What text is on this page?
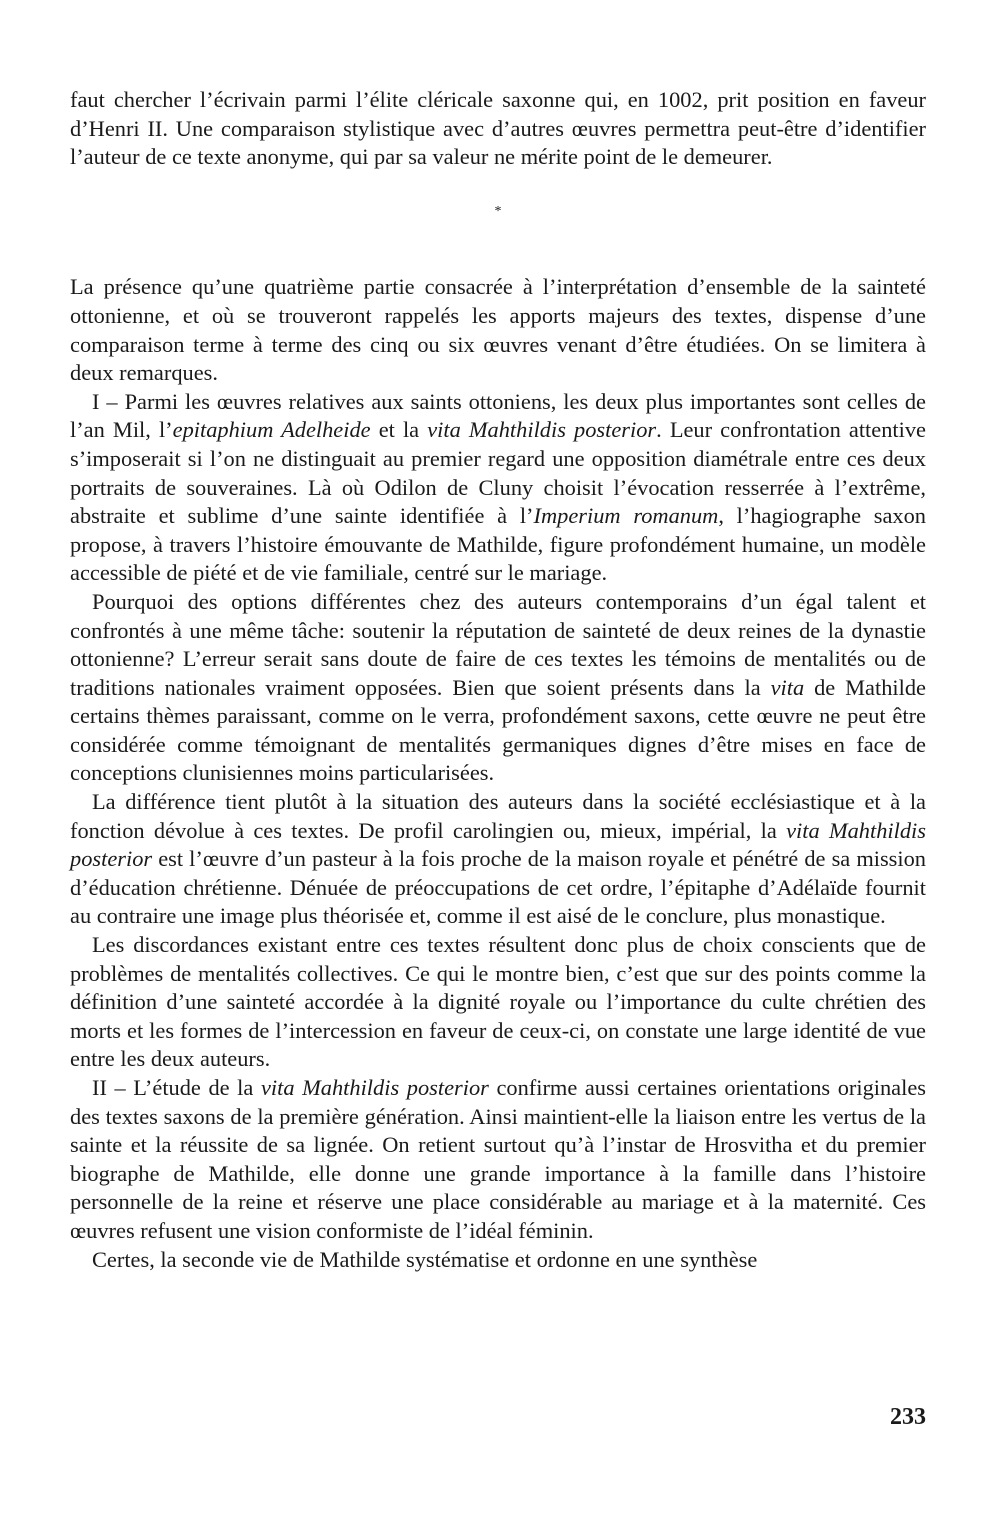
faut chercher l’écrivain parmi l’élite cléricale saxonne qui, en 1002, prit position en faveur d’Henri II. Une comparaison stylistique avec d’autres œuvres permettra peut-être d’identifier l’auteur de ce texte anonyme, qui par sa valeur ne mérite point de le demeurer.

*

La présence qu’une quatrième partie consacrée à l’interprétation d’ensemble de la sainteté ottonienne, et où se trouveront rappelés les apports majeurs des textes, dispense d’une comparaison terme à terme des cinq ou six œuvres venant d’être étudiées. On se limitera à deux remarques.

I – Parmi les œuvres relatives aux saints ottoniens, les deux plus importantes sont celles de l’an Mil, l’epitaphium Adelheide et la vita Mahthildis posterior. Leur confrontation attentive s’imposerait si l’on ne distinguait au premier regard une opposition diamétrale entre ces deux portraits de souveraines. Là où Odilon de Cluny choisit l’évocation resserrée à l’extrême, abstraite et sublime d’une sainte identifiée à l’Imperium romanum, l’hagiographe saxon propose, à travers l’histoire émouvante de Mathilde, figure profondément humaine, un modèle accessible de piété et de vie familiale, centré sur le mariage.

Pourquoi des options différentes chez des auteurs contemporains d’un égal talent et confrontés à une même tâche: soutenir la réputation de sainteté de deux reines de la dynastie ottonienne? L’erreur serait sans doute de faire de ces textes les témoins de mentalités ou de traditions nationales vraiment opposées. Bien que soient présents dans la vita de Mathilde certains thèmes paraissant, comme on le verra, profondément saxons, cette œuvre ne peut être considérée comme témoignant de mentalités germaniques dignes d’être mises en face de conceptions clunisiennes moins particularisées.

La différence tient plutôt à la situation des auteurs dans la société ecclésiastique et à la fonction dévolue à ces textes. De profil carolingien ou, mieux, impérial, la vita Mahthildis posterior est l’œuvre d’un pasteur à la fois proche de la maison royale et pénétré de sa mission d’éducation chrétienne. Dénuée de préoccupations de cet ordre, l’épitaphe d’Adélaïde fournit au contraire une image plus théorisée et, comme il est aisé de le conclure, plus monastique.

Les discordances existant entre ces textes résultent donc plus de choix conscients que de problèmes de mentalités collectives. Ce qui le montre bien, c’est que sur des points comme la définition d’une sainteté accordée à la dignité royale ou l’importance du culte chrétien des morts et les formes de l’intercession en faveur de ceux-ci, on constate une large identité de vue entre les deux auteurs.

II – L’étude de la vita Mahthildis posterior confirme aussi certaines orientations originales des textes saxons de la première génération. Ainsi maintient-elle la liaison entre les vertus de la sainte et la réussite de sa lignée. On retient surtout qu’à l’instar de Hrosvitha et du premier biographe de Mathilde, elle donne une grande importance à la famille dans l’histoire personnelle de la reine et réserve une place considérable au mariage et à la maternité. Ces œuvres refusent une vision conformiste de l’idéal féminin.

Certes, la seconde vie de Mathilde systématise et ordonne en une synthèse

233
